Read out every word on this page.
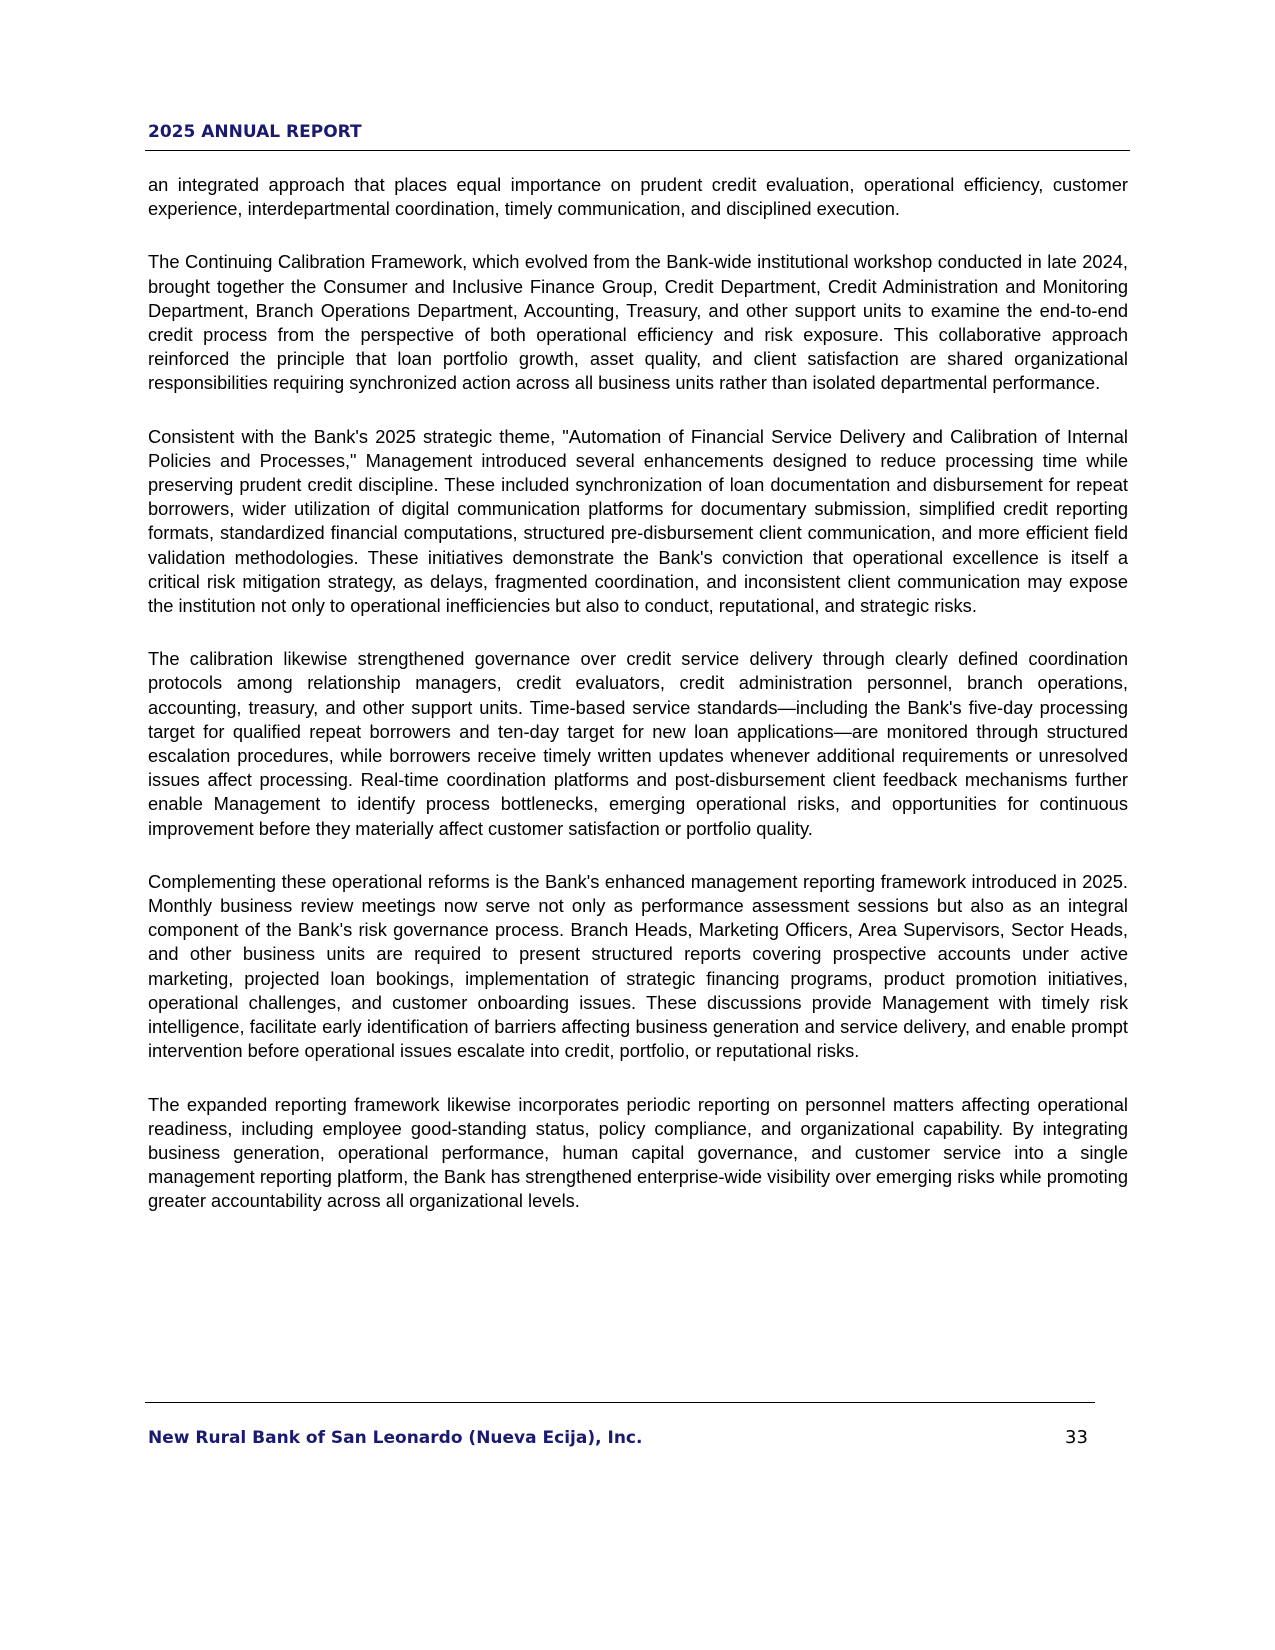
2025 ANNUAL REPORT

an integrated approach that places equal importance on prudent credit evaluation, operational efficiency, customer experience, interdepartmental coordination, timely communication, and disciplined execution.

The Continuing Calibration Framework, which evolved from the Bank-wide institutional workshop conducted in late 2024, brought together the Consumer and Inclusive Finance Group, Credit Department, Credit Administration and Monitoring Department, Branch Operations Department, Accounting, Treasury, and other support units to examine the end-to-end credit process from the perspective of both operational efficiency and risk exposure. This collaborative approach reinforced the principle that loan portfolio growth, asset quality, and client satisfaction are shared organizational responsibilities requiring synchronized action across all business units rather than isolated departmental performance.

Consistent with the Bank's 2025 strategic theme, "Automation of Financial Service Delivery and Calibration of Internal Policies and Processes," Management introduced several enhancements designed to reduce processing time while preserving prudent credit discipline. These included synchronization of loan documentation and disbursement for repeat borrowers, wider utilization of digital communication platforms for documentary submission, simplified credit reporting formats, standardized financial computations, structured pre-disbursement client communication, and more efficient field validation methodologies. These initiatives demonstrate the Bank's conviction that operational excellence is itself a critical risk mitigation strategy, as delays, fragmented coordination, and inconsistent client communication may expose the institution not only to operational inefficiencies but also to conduct, reputational, and strategic risks.

The calibration likewise strengthened governance over credit service delivery through clearly defined coordination protocols among relationship managers, credit evaluators, credit administration personnel, branch operations, accounting, treasury, and other support units. Time-based service standards—including the Bank's five-day processing target for qualified repeat borrowers and ten-day target for new loan applications—are monitored through structured escalation procedures, while borrowers receive timely written updates whenever additional requirements or unresolved issues affect processing. Real-time coordination platforms and post-disbursement client feedback mechanisms further enable Management to identify process bottlenecks, emerging operational risks, and opportunities for continuous improvement before they materially affect customer satisfaction or portfolio quality.

Complementing these operational reforms is the Bank's enhanced management reporting framework introduced in 2025. Monthly business review meetings now serve not only as performance assessment sessions but also as an integral component of the Bank's risk governance process. Branch Heads, Marketing Officers, Area Supervisors, Sector Heads, and other business units are required to present structured reports covering prospective accounts under active marketing, projected loan bookings, implementation of strategic financing programs, product promotion initiatives, operational challenges, and customer onboarding issues. These discussions provide Management with timely risk intelligence, facilitate early identification of barriers affecting business generation and service delivery, and enable prompt intervention before operational issues escalate into credit, portfolio, or reputational risks.

The expanded reporting framework likewise incorporates periodic reporting on personnel matters affecting operational readiness, including employee good-standing status, policy compliance, and organizational capability. By integrating business generation, operational performance, human capital governance, and customer service into a single management reporting platform, the Bank has strengthened enterprise-wide visibility over emerging risks while promoting greater accountability across all organizational levels.

New Rural Bank of San Leonardo (Nueva Ecija), Inc.	33
